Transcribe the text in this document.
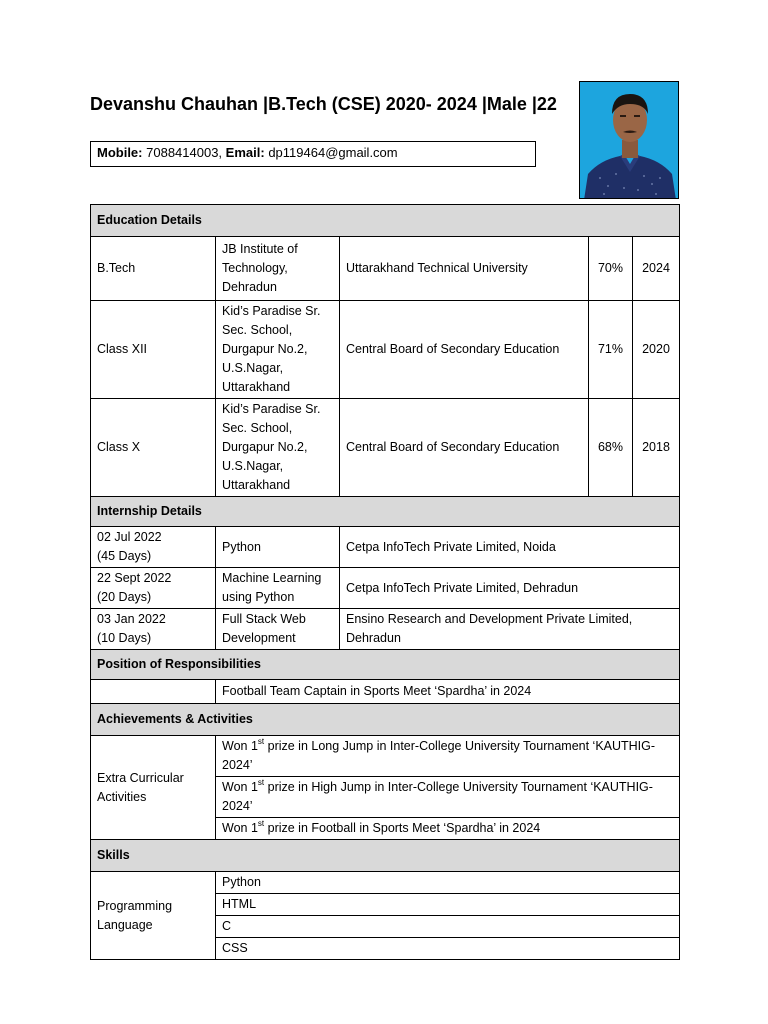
Devanshu Chauhan |B.Tech (CSE) 2020- 2024 |Male |22
Mobile: 7088414003, Email: dp119464@gmail.com
Education Details				
B.Tech	JB Institute of Technology, Dehradun	Uttarakhand Technical University	70%	2024
Class XII	Kid’s Paradise Sr. Sec. School, Durgapur No.2, U.S.Nagar, Uttarakhand	Central Board of Secondary Education	71%	2020
Class X	Kid’s Paradise Sr. Sec. School, Durgapur No.2, U.S.Nagar, Uttarakhand	Central Board of Secondary Education	68%	2018
Internship Details				
02 Jul 2022
(45 Days)	Python	Cetpa InfoTech Private Limited, Noida		
22 Sept 2022
(20 Days)	Machine Learning using Python	Cetpa InfoTech Private Limited, Dehradun		
03 Jan 2022
(10 Days)	Full Stack Web Development	Ensino Research and Development Private Limited, Dehradun		
Position of Responsibilities				
	Football Team Captain in Sports Meet ‘Spardha’ in 2024			
Achievements & Activities				
Extra Curricular Activities	Won 1st prize in Long Jump in Inter-College University Tournament ‘KAUTHIG-2024’			
	Won 1st prize in High Jump in Inter-College University Tournament ‘KAUTHIG-2024’			
	Won 1st prize in Football in Sports Meet ‘Spardha’ in 2024			
Skills				
Programming Language	Python			
	HTML			
	C			
	CSS			
